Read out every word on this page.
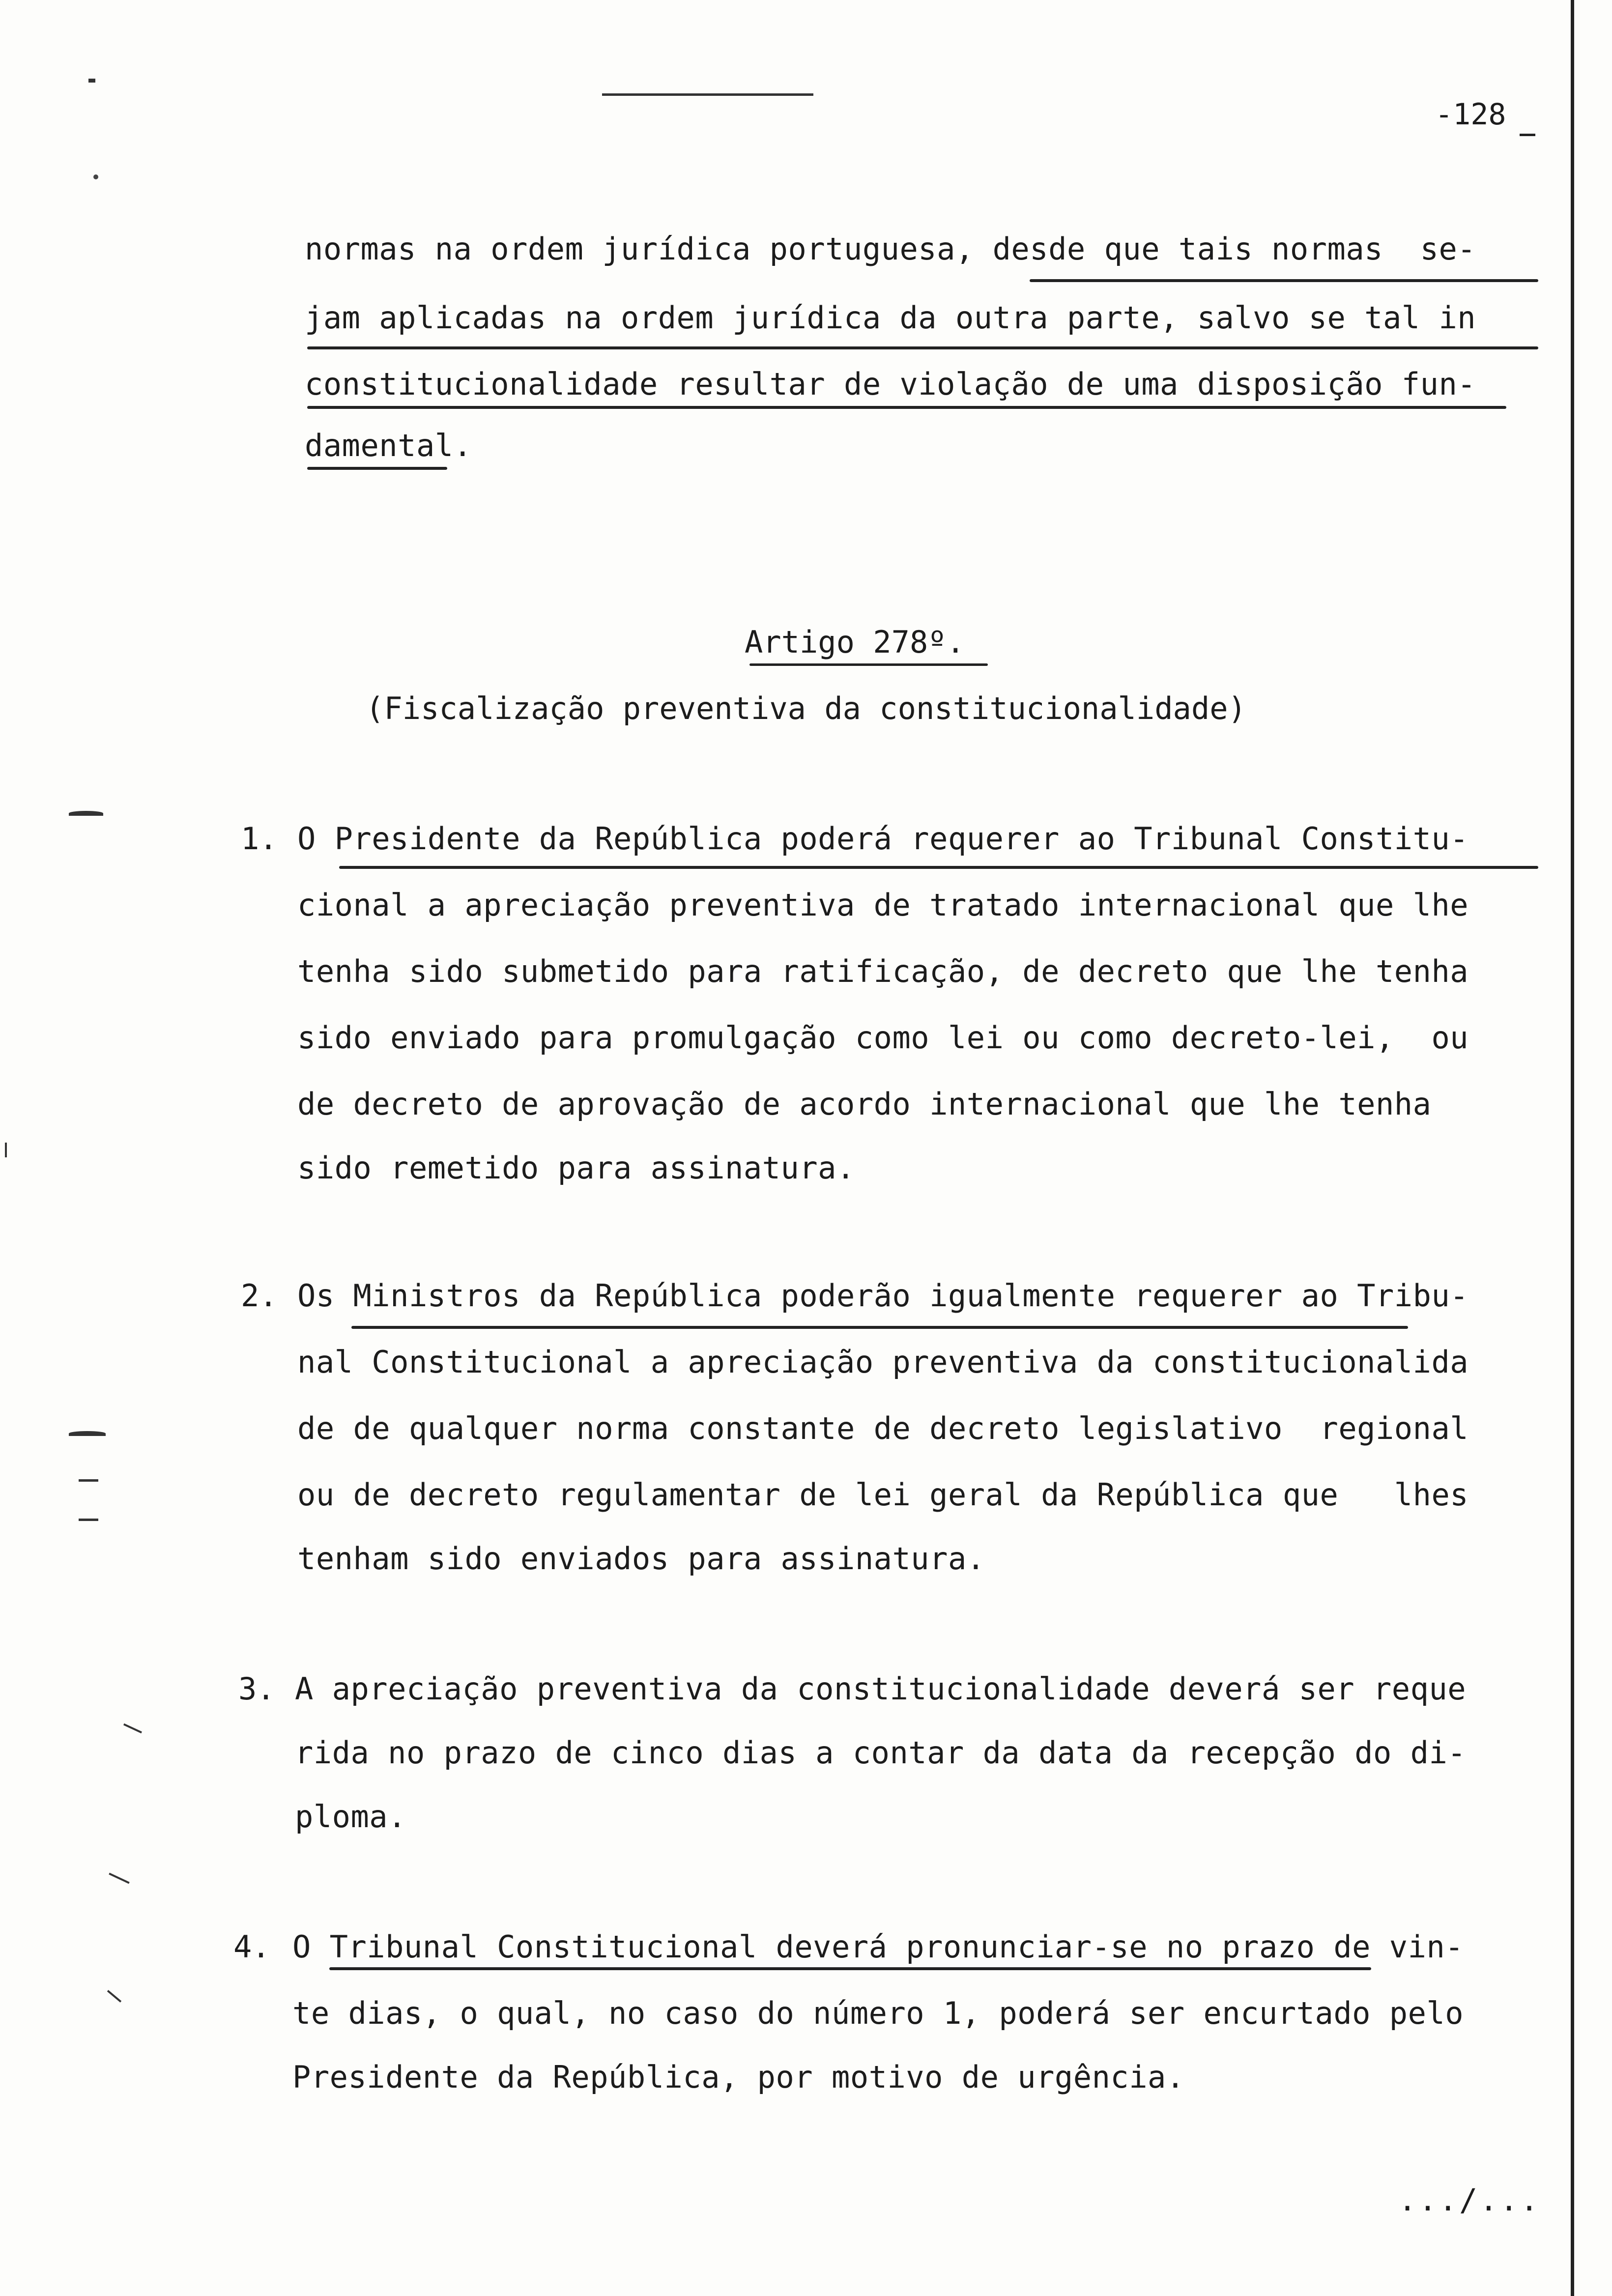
-128
normas na ordem jurídica portuguesa, desde que tais normas  se-
jam aplicadas na ordem jurídica da outra parte, salvo se tal in
constitucionalidade resultar de violação de uma disposição fun-
damental.
Artigo 278º.
(Fiscalização preventiva da constitucionalidade)
1. O Presidente da República poderá requerer ao Tribunal Constitu-
cional a apreciação preventiva de tratado internacional que lhe
tenha sido submetido para ratificação, de decreto que lhe tenha
sido enviado para promulgação como lei ou como decreto-lei,  ou
de decreto de aprovação de acordo internacional que lhe tenha
sido remetido para assinatura.
2. Os Ministros da República poderão igualmente requerer ao Tribu-
nal Constitucional a apreciação preventiva da constitucionalida
de de qualquer norma constante de decreto legislativo  regional
ou de decreto regulamentar de lei geral da República que   lhes
tenham sido enviados para assinatura.
3. A apreciação preventiva da constitucionalidade deverá ser reque
rida no prazo de cinco dias a contar da data da recepção do di-
ploma.
4. O Tribunal Constitucional deverá pronunciar-se no prazo de vin-
te dias, o qual, no caso do número 1, poderá ser encurtado pelo
Presidente da República, por motivo de urgência.
.../...
